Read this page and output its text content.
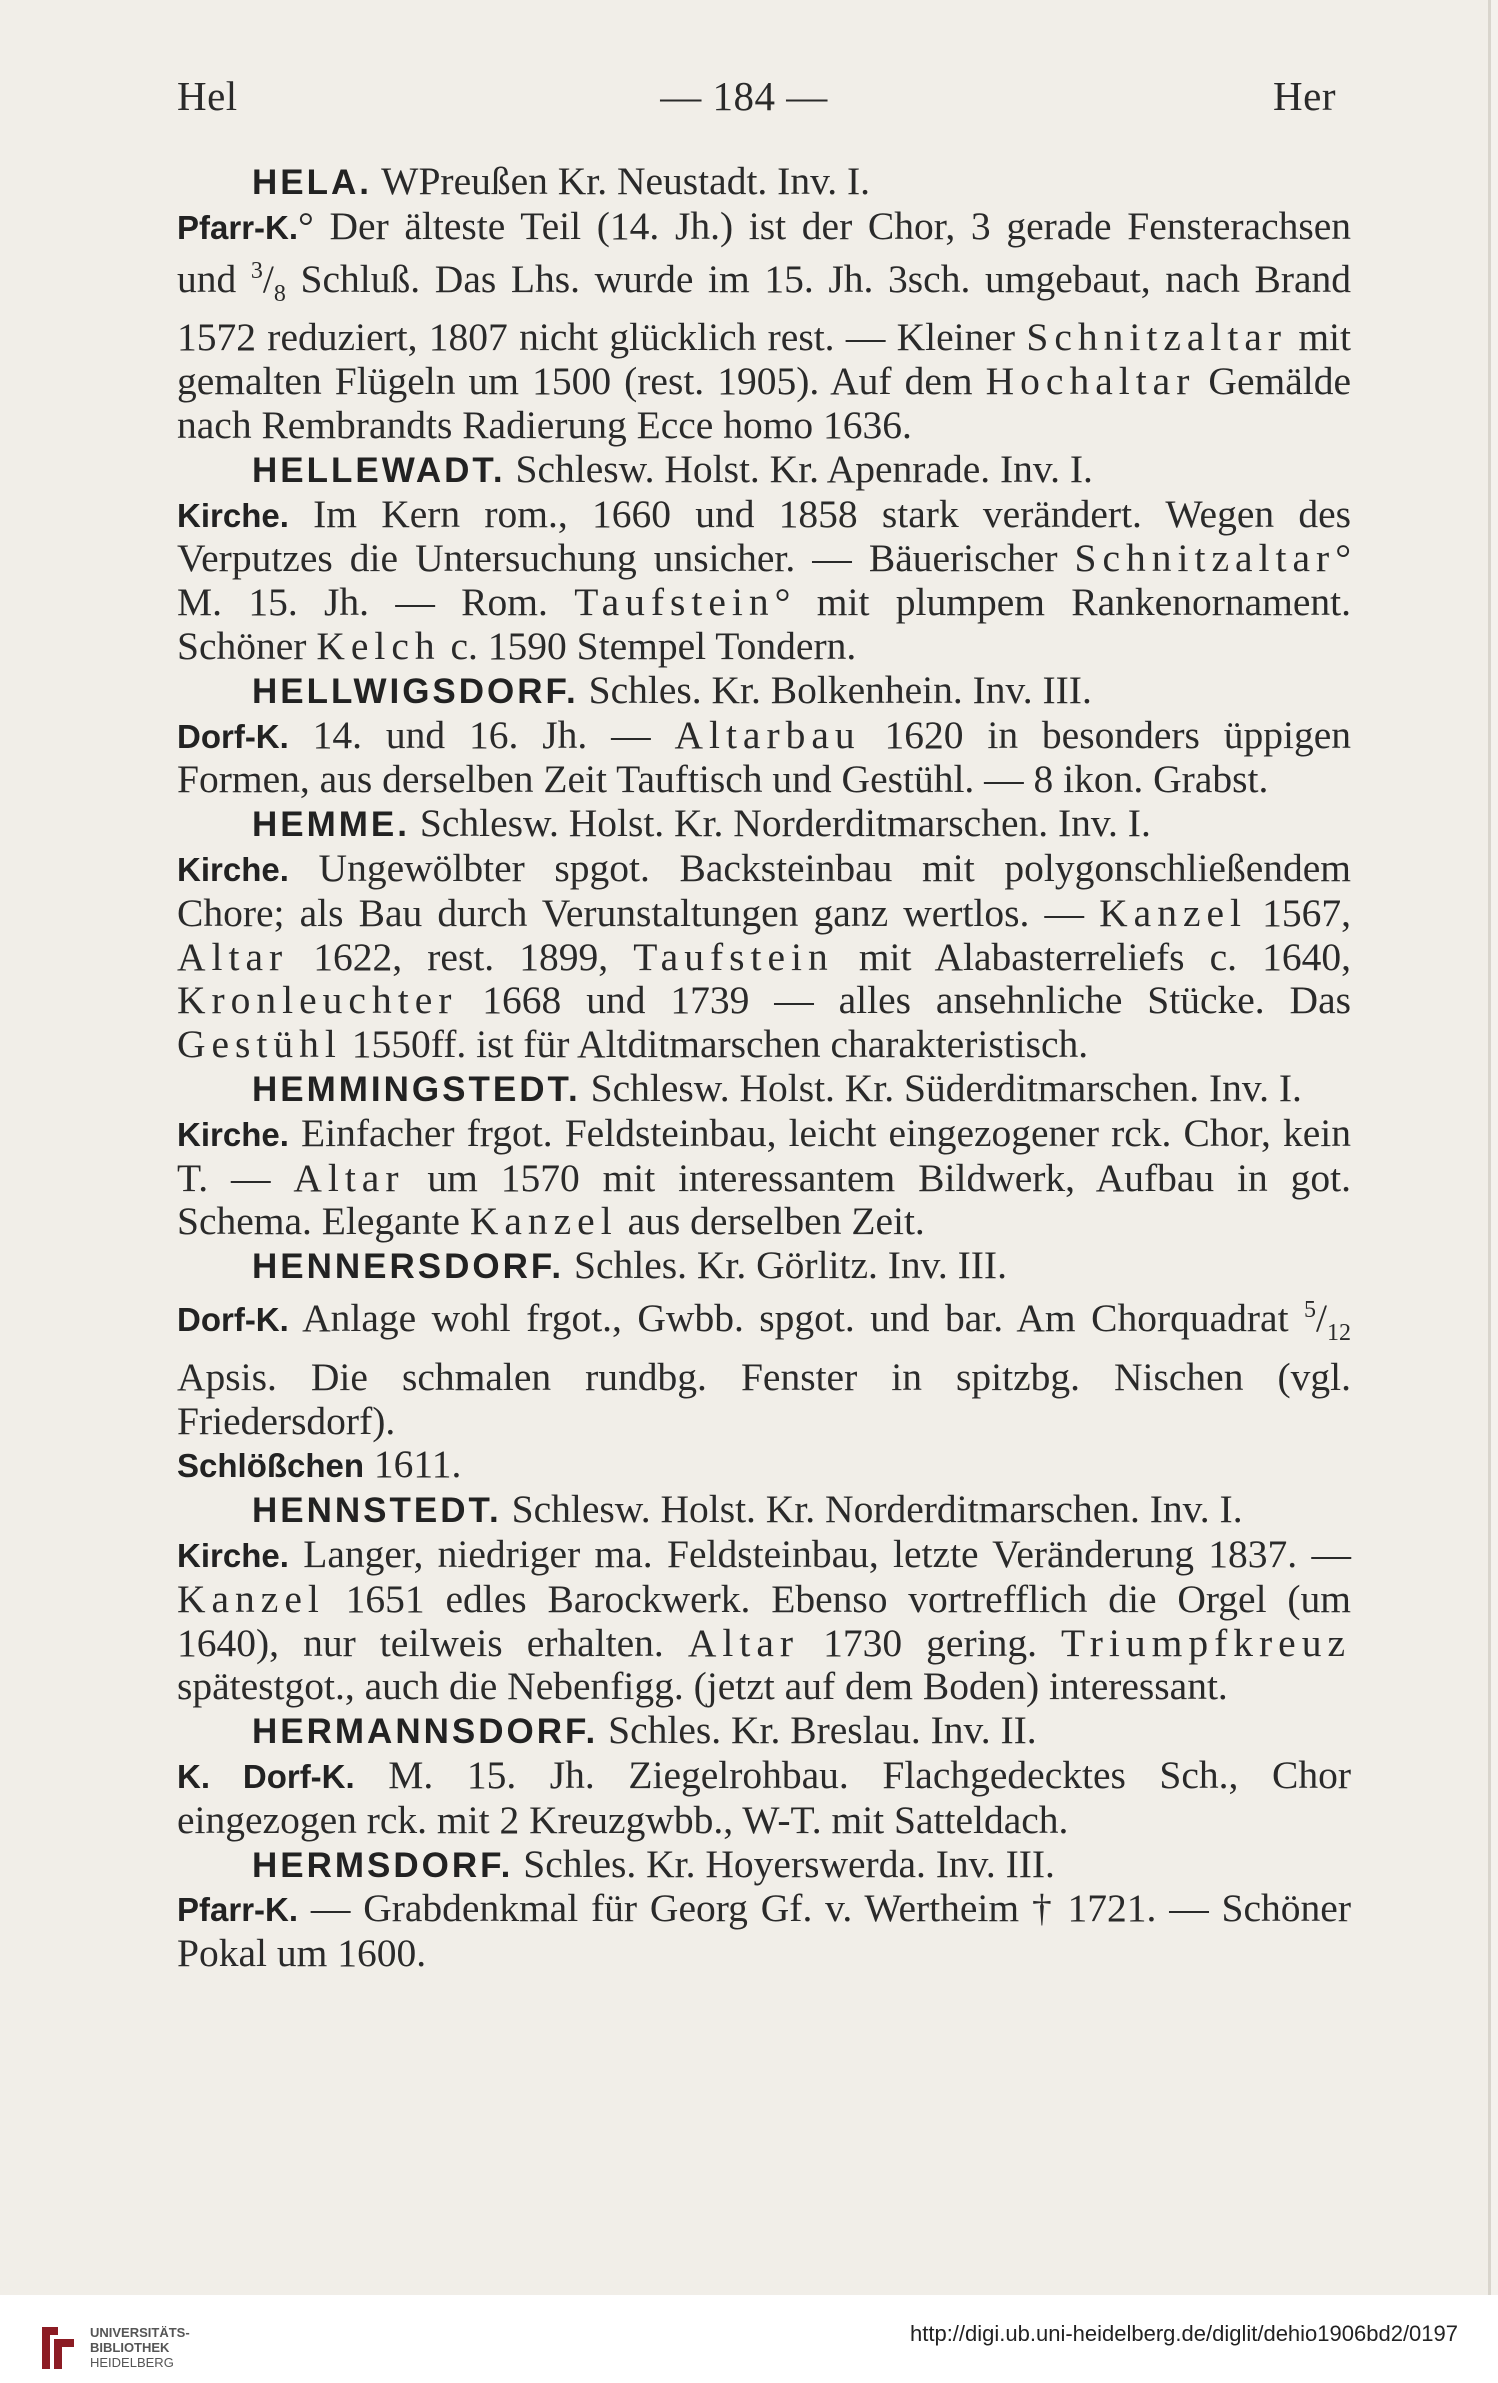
Hel	— 184 —	Her

HELA. WPreußen Kr. Neustadt. Inv. I.

Pfarr-K.° Der älteste Teil (14. Jh.) ist der Chor, 3 gerade Fensterachsen und $^3/_8$ Schluß. Das Lhs. wurde im 15. Jh. 3sch. umgebaut, nach Brand 1572 reduziert, 1807 nicht glücklich rest. — Kleiner Schnitzaltar mit gemalten Flügeln um 1500 (rest. 1905). Auf dem Hochaltar Gemälde nach Rembrandts Radierung Ecce homo 1636.

HELLEWADT. Schlesw. Holst. Kr. Apenrade. Inv. I.

Kirche. Im Kern rom., 1660 und 1858 stark verändert. Wegen des Verputzes die Untersuchung unsicher. — Bäuerischer Schnitzaltar° M. 15. Jh. — Rom. Taufstein° mit plumpem Rankenornament. Schöner Kelch c. 1590 Stempel Tondern.

HELLWIGSDORF. Schles. Kr. Bolkenhein. Inv. III.

Dorf-K. 14. und 16. Jh. — Altarbau 1620 in besonders üppigen Formen, aus derselben Zeit Tauftisch und Gestühl. — 8 ikon. Grabst.

HEMME. Schlesw. Holst. Kr. Norderditmarschen. Inv. I.

Kirche. Ungewölbter spgot. Backsteinbau mit polygonschließendem Chore; als Bau durch Verunstaltungen ganz wertlos. — Kanzel 1567, Altar 1622, rest. 1899, Taufstein mit Alabasterreliefs c. 1640, Kronleuchter 1668 und 1739 — alles ansehnliche Stücke. Das Gestühl 1550ff. ist für Altditmarschen charakteristisch.

HEMMINGSTEDT. Schlesw. Holst. Kr. Süderditmarschen. Inv. I.

Kirche. Einfacher frgot. Feldsteinbau, leicht eingezogener rck. Chor, kein T. — Altar um 1570 mit interessantem Bildwerk, Aufbau in got. Schema. Elegante Kanzel aus derselben Zeit.

HENNERSDORF. Schles. Kr. Görlitz. Inv. III.

Dorf-K. Anlage wohl frgot., Gwbb. spgot. und bar. Am Chorquadrat $^5/_{12}$ Apsis. Die schmalen rundbg. Fenster in spitzbg. Nischen (vgl. Friedersdorf).

Schlößchen 1611.

HENNSTEDT. Schlesw. Holst. Kr. Norderditmarschen. Inv. I.

Kirche. Langer, niedriger ma. Feldsteinbau, letzte Veränderung 1837. — Kanzel 1651 edles Barockwerk. Ebenso vortrefflich die Orgel (um 1640), nur teilweis erhalten. Altar 1730 gering. Triumpfkreuz spätestgot., auch die Nebenfigg. (jetzt auf dem Boden) interessant.

HERMANNSDORF. Schles. Kr. Breslau. Inv. II.

K. Dorf-K. M. 15. Jh. Ziegelrohbau. Flachgedecktes Sch., Chor eingezogen rck. mit 2 Kreuzgwbb., W-T. mit Satteldach.

HERMSDORF. Schles. Kr. Hoyerswerda. Inv. III.

Pfarr-K. — Grabdenkmal für Georg Gf. v. Wertheim † 1721. — Schöner Pokal um 1600.

UNIVERSITÄTS-
BIBLIOTHEK
HEIDELBERG
http://digi.ub.uni-heidelberg.de/diglit/dehio1906bd2/0197
